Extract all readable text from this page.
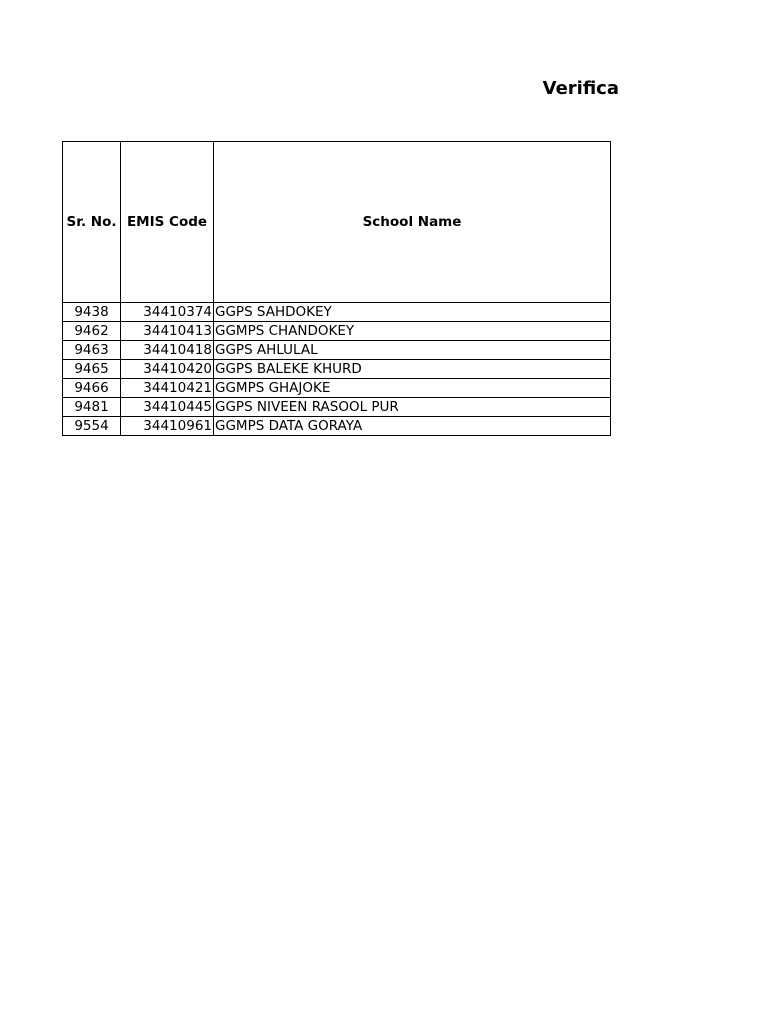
Verifica
Sr. No.	EMIS Code	School Name
9438	34410374	GGPS SAHDOKEY
9462	34410413	GGMPS CHANDOKEY
9463	34410418	GGPS AHLULAL
9465	34410420	GGPS BALEKE KHURD
9466	34410421	GGMPS GHAJOKE
9481	34410445	GGPS NIVEEN RASOOL PUR
9554	34410961	GGMPS DATA GORAYA
